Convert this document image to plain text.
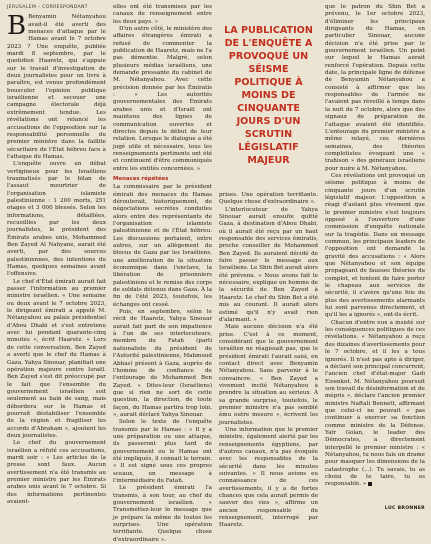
JÉRUSALEM – CORRESPONDANT

B Benyamin Nétanyahou avait-il été averti des menaces d'attaque par le Hamas avant le 7 octobre 2023 ? Une enquête, publiée mardi 8 septembre, par le quotidien Haaretz, qui s'appuie sur le travail d'investigation de deux journalistes pour un livre à paraître, est venue profondément bousculer l'opinion publique israélienne et secouer une campagne électorale déjà extrêmement tendue. Les révélations ont relancé les accusations de l'opposition sur la responsabilité personnelle du premier ministre dans la faillite sécuritaire de l'État hébreu face à l'attaque du Hamas.

L'enquête ouvre un débat vertigineux pour les Israéliens traumatisés par le bilan de l'assaut meurtrier de l'organisation islamiste palestinienne : 1 200 morts, 251 otages et 3 000 blessés. Selon les informations, détaillées, recueillies par les deux journalistes, le président des Émirats arabes unis, Mohammed Ben Zayed Al Nahyane, aurait été averti, par des sources palestiniennes, des intentions du Hamas, quelques semaines avant l'offensive.

Le chef d'État émirati aurait fait passer l'information au premier ministre israélien. « Une semaine ou deux avant le 7 octobre 2023, le dirigeant émirati a appelé M. Nétanyahou au palais présidentiel d'Abou Dhabi et s'est entretenu avec lui pendant quarante-cinq minutes », écrit Haaretz. « Lors de cette conversation, Ben Zayed a averti que le chef du Hamas à Gaza, Yahya Sinouar, planifiait une opération majeure contre Israël. Ben Zayed s'est dit préoccupé par le fait que l'ensemble du gouvernement israélien soit seulement au bain de sang, mais débordera sur le Hamas et pourrait déstabiliser l'ensemble de la région et fragiliser les accords d'Abraham », ajoutent les deux journalistes.

Le chef du gouvernement israélien a réfuté ces accusations, mardi soir : « Les articles de la presse sont faux. Aucun avertissement n'a été transmis au premier ministre par les Émirats arabes unis avant le 7 octobre. Si des informations pertinentes avaient-

elles ont été transmises par les canaux de renseignement entre les deux pays. »

D'un autre côté, le ministère des affaires étrangères émirati a refusé de commenter la publication de Haaretz, mais ne l'a pas démentie. Malgré, selon plusieurs médias israéliens, une demande pressante du cabinet de M. Nétanyahou. Avec cette précision donnée par les Émiratis : « Les autorités gouvernementales des Émirats arabes unis et d'Israël ont maintenu des lignes de communication ouvertes et directes depuis le début de leur relation. Lorsque le dialogue a été jugé utile et nécessaire, tous les renseignements pertinents ont été et continuent d'être communiqués entre les entités concernées. »

Menaces répétées

La commissaire par le président émirati des menaces du Hamas dérouterait, historiquement, de négociations secrètes conduites alors entre des représentants de l'organisation islamiste palestinienne et de l'État hébreu. Les discussions portaient, entre autres, sur un allègement du blocus de Gaza par les Israéliens, une amélioration de la situation économique dans l'enclave, la libération de prisonniers palestiniens et le remise des corps de soldats détenus dans Gaza. À la fin de l'été 2023, toutefois, les échanges ont cessé.

Puis, en septembre, selon le récit de Haaretz, Yahya Sinouar aurait fait part de son impatience à l'un de ses interlocuteurs, membre du Fatah (parti nationaliste du président de l'Autorité palestinienne, Mahmoud Abbas) présent à Gaza, auprès de l'homme de confiance de l'entourage de Mohammed Ben Zayed. « Dites-leur (Israéliens) que si rien ne sort de cette question, la direction, de toute façon, du Hamas partira trop loin. », aurait déclaré Yahya Sinouar.

Selon le texte de l'enquête transmis par le Hamas : « Il y a une préparation ou une attaque, ils passeront plus tard de gouvernement ou le Hamas ont été impliqués, il connait le terrain. » Il est signé sous ces propres sceaux, un message à l'intermédiaire du Fatah.

Le président émirati l'a transmis, à son tour, au chef du gouvernement israélien. « Transmettez-leur le message que je prépare la même de toutes les surprises. Une opération terrifiante. Quelque chose d'extraordinaire ».

LA PUBLICATION DE L'ENQUÊTE A PROVOQUÉ UN SÉISME POLITIQUE À MOINS DE CINQUANTE JOURS D'UN SCRUTIN LÉGISLATIF MAJEUR

prises. Une opération terrifiante. Quelque chose d'extraordinaire ».

L'interlocuteur de Yahya Sinouar aurait ensuite quitté Gaza, à destination d'Abou Dhabi, où il aurait été reçu par un haut responsable des services émiratis, proche conseiller de Mohammed Ben Zayed. Ils auraient décidé de faire passer le message aux Israéliens. Le Shin Bet aurait alors été prévenu. « Nous avons fait le nécessaire, explique un homme de la sécurité de Ben Zayed à Haaretz. Le chef du Shin Bet a été mis au courant. Il aurait alors estimé qu'il n'y avait rien d'alarmant. »

Mais aucune décision n'a été prise. C'est à ce moment, considérant que le gouvernement israélien ne réagissait pas, que le président émirati l'aurait saisi, en contact direct avec Benyamin Nétanyahou. Sans parvenir à le convaincre. « Ben Zayed a vivement incité Nétanyahou à prendre la situation au sérieux. À sa grande surprise, toutefois, le premier ministre n'a pas semblé ému outre mesure », écrivent les journalistes.

Une information que le premier ministre, également alerté par les renseignements égyptiens, par d'autres canaux, n'a pas évoquée avec les responsables de la sécurité dans les minutes suivantes. « Il nous avions eu connaissance de ces avertissements, il y a de fortes chances que cela aurait permis de sauver des vies », affirme un ancien responsable du renseignement, interrogé par Haaretz.

que le patron du Shin Bet a prévenu, le 1er octobre 2023, d'éliminer les principaux dirigeants du Hamas, en particulier Sinouar, aucune décision n'a été prise par le gouvernement israélien. Un point sur lequel le Hamas aurait renforcé l'opération. Depuis cette date, la principale ligne de défense de Benyamin Nétanyahou a consisté à affirmer que les responsables de l'armée ne l'avaient pas réveillé à temps dans la nuit du 7 octobre, alors que des signaux de préparation de l'attaque avaient été identifiés. L'entourage du premier ministre a même relayé, ces dernières semaines, des théories complotistes évoquant une « trahison » des généraux israéliens pour nuire à M. Nétanyahou.

Ces révélations ont provoqué un séisme politique à moins de cinquante jours d'un scrutin législatif majeur. L'opposition a réagi d'autant plus vivement que le premier ministre s'est toujours opposé à l'ouverture d'une commission d'enquête nationale sur la tragédie. Dans un message commun, les principaux leaders de l'opposition ont demandé la gravité des accusations : « Alors que Nétanyahou et son équipe propageant de fausses théories du complot, et tentent de faire porter le chapeau aux services de sécurité, il s'avère qu'une fois de plus des avertissements alarmants lui sont parvenus directement, et qu'il les a ignorés », ont-ils écrit.

Chacun d'entre eux a insisté sur les conséquences politiques de ces révélations. « Nétanyahou a reçu des dizaines d'avertissements pour le 7 octobre, et il les a tous ignorés. Il n'est pas apte à diriger, a déclaré son principal concurrent, l'ancien chef d'état-major Gadi Eisenkot. M. Nétanyahou poursuit son travail de désinformation et de mépris », déclare l'ancien premier ministre Naftali Bennett, affirmant que celui-ci ne pouvait « pas continuer à exercer sa fonction comme ministre de la Défense. Yaïr Golan, le leader des Démocrates, a directement interpellé le premier ministre : « Nétanyahou, tu nous fais un drame pour masquer les dimensions de la catastrophe (...). Tu savais, tu as choisi de te taire, tu es responsable. »

LUC BRONNER
